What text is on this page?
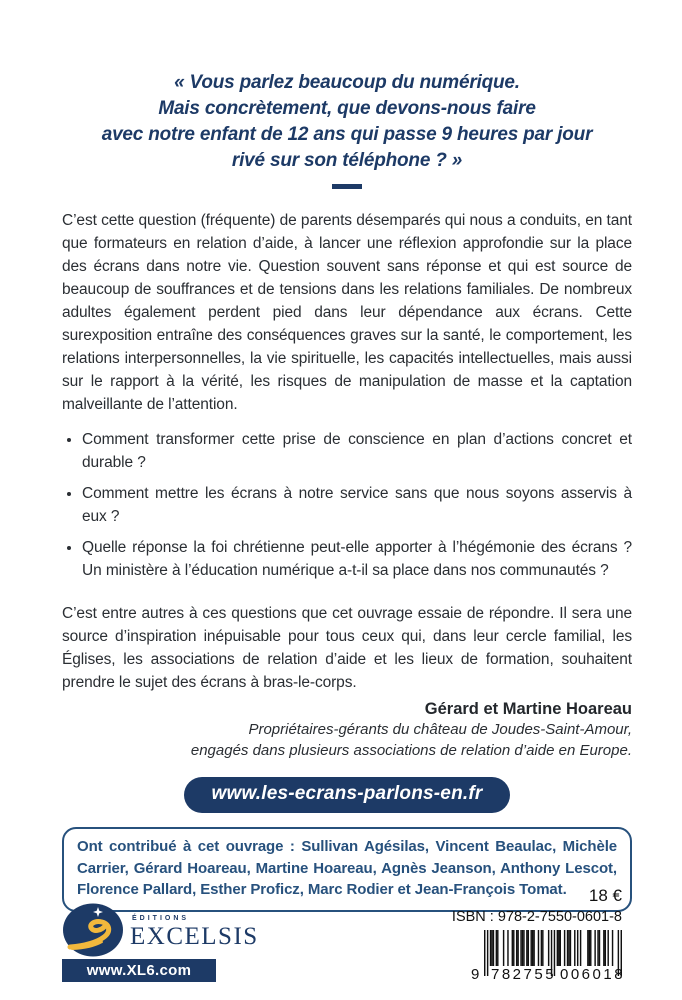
« Vous parlez beaucoup du numérique.
Mais concrètement, que devons-nous faire
avec notre enfant de 12 ans qui passe 9 heures par jour
rivé sur son téléphone ? »

C’est cette question (fréquente) de parents désemparés qui nous a conduits, en tant que formateurs en relation d’aide, à lancer une réflexion approfondie sur la place des écrans dans notre vie. Question souvent sans réponse et qui est source de beaucoup de souffrances et de tensions dans les relations familiales. De nombreux adultes également perdent pied dans leur dépendance aux écrans. Cette surexposition entraîne des conséquences graves sur la santé, le comportement, les relations interpersonnelles, la vie spirituelle, les capacités intellectuelles, mais aussi sur le rapport à la vérité, les risques de manipulation de masse et la captation malveillante de l’attention.

• Comment transformer cette prise de conscience en plan d’actions concret et durable ?
• Comment mettre les écrans à notre service sans que nous soyons asservis à eux ?
• Quelle réponse la foi chrétienne peut-elle apporter à l’hégémonie des écrans ? Un ministère à l’éducation numérique a-t-il sa place dans nos communautés ?

C’est entre autres à ces questions que cet ouvrage essaie de répondre. Il sera une source d’inspiration inépuisable pour tous ceux qui, dans leur cercle familial, les Églises, les associations de relation d’aide et les lieux de formation, souhaitent prendre le sujet des écrans à bras-le-corps.

Gérard et Martine Hoareau
Propriétaires-gérants du château de Joudes-Saint-Amour,
engagés dans plusieurs associations de relation d’aide en Europe.
www.les-ecrans-parlons-en.fr
Ont contribué à cet ouvrage : Sullivan Agésilas, Vincent Beaulac, Michèle Carrier, Gérard Hoareau, Martine Hoareau, Agnès Jeanson, Anthony Lescot, Florence Pallard, Esther Proficz, Marc Rodier et Jean-François Tomat.
ÉDITIONS
EXCELSIS
www.XL6.com
18 €
ISBN : 978-2-7550-0601-8
9 782755 006018
